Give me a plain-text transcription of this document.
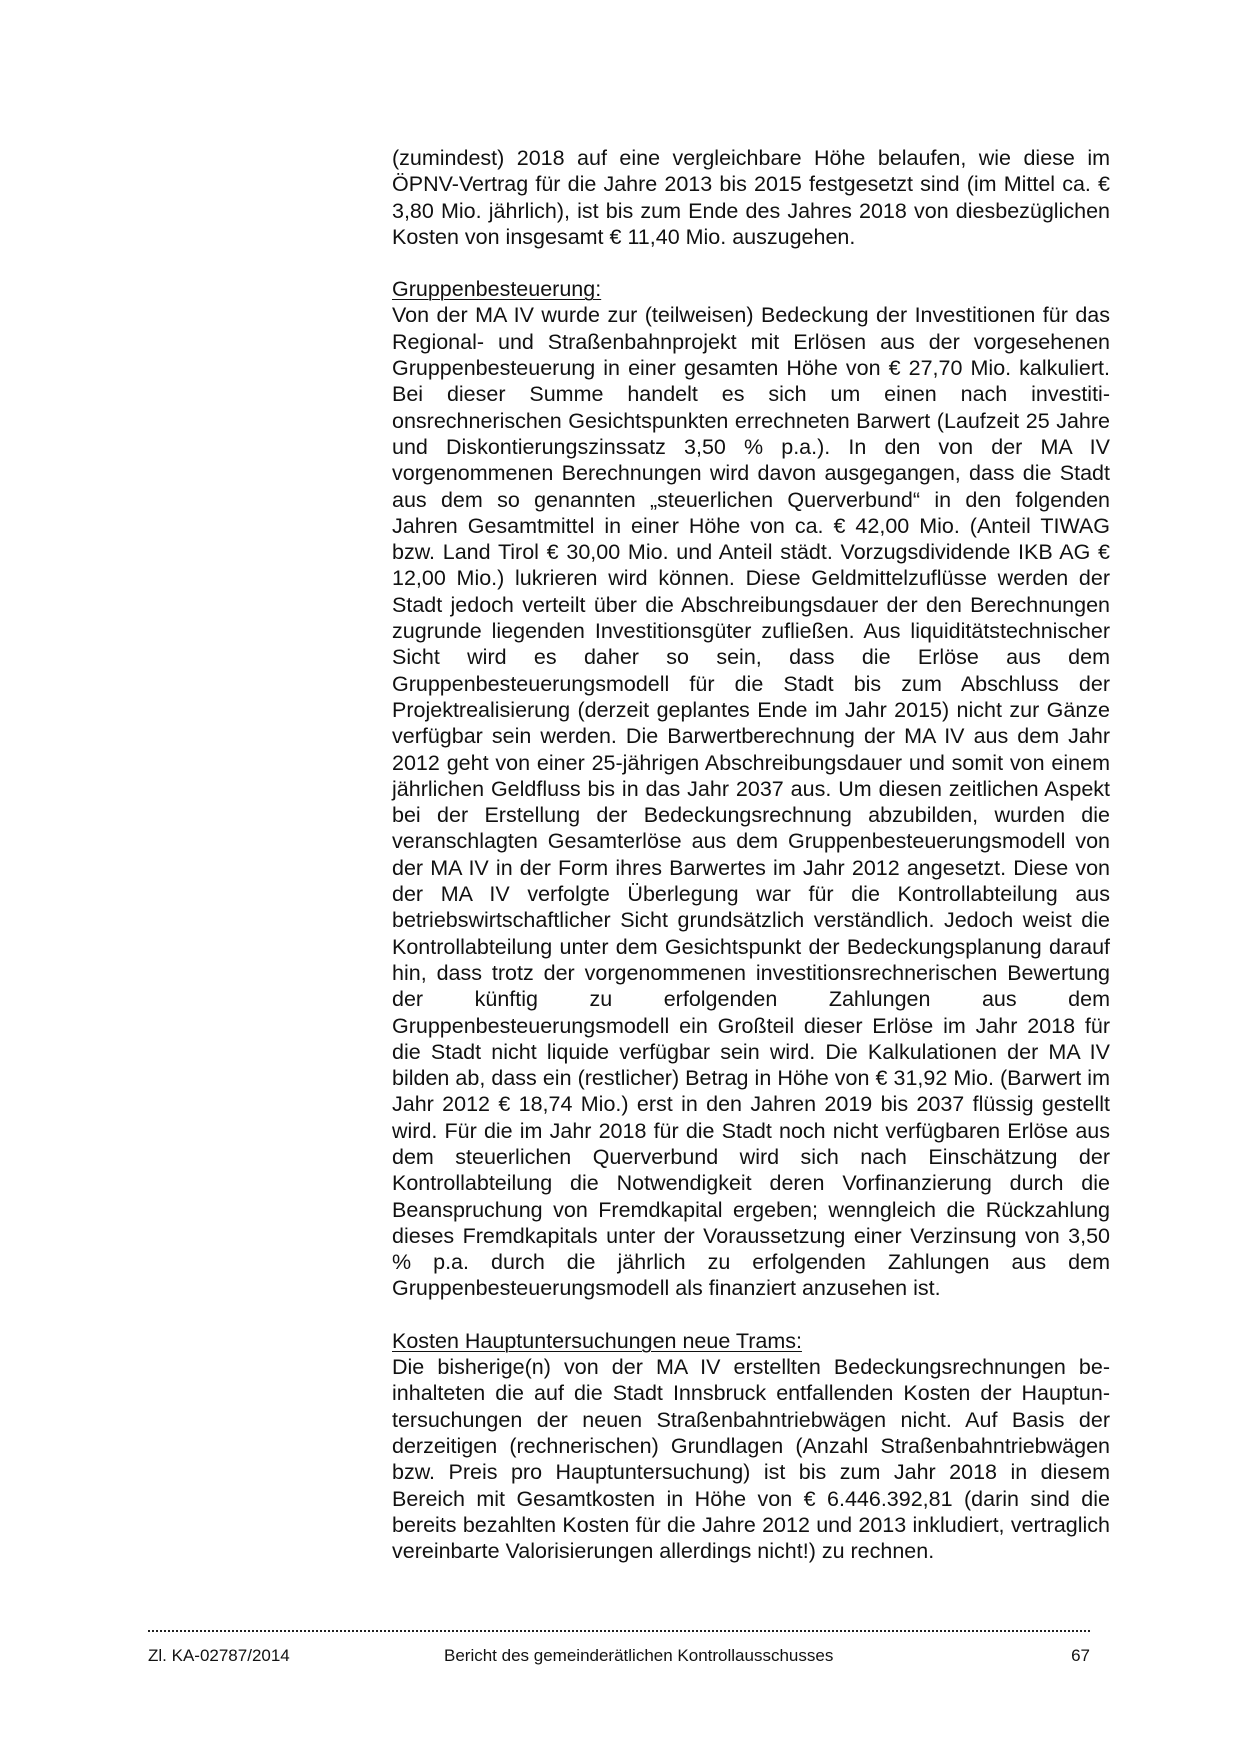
(zumindest) 2018 auf eine vergleichbare Höhe belaufen, wie diese im ÖPNV-Vertrag für die Jahre 2013 bis 2015 festgesetzt sind (im Mittel ca. € 3,80 Mio. jährlich), ist bis zum Ende des Jahres 2018 von diesbezüglichen Kosten von insgesamt € 11,40 Mio. auszugehen.

Gruppenbesteuerung:

Von der MA IV wurde zur (teilweisen) Bedeckung der Investitionen für das Regional- und Straßenbahnprojekt mit Erlösen aus der vorgesehenen Gruppenbesteuerung in einer gesamten Höhe von € 27,70 Mio. kalkuliert. Bei dieser Summe handelt es sich um einen nach investitionsrechnerischen Gesichtspunkten errechneten Barwert (Laufzeit 25 Jahre und Diskontierungszinssatz 3,50 % p.a.). In den von der MA IV vorgenommenen Berechnungen wird davon ausgegangen, dass die Stadt aus dem so genannten „steuerlichen Querverbund“ in den folgenden Jahren Gesamtmittel in einer Höhe von ca. € 42,00 Mio. (Anteil TIWAG bzw. Land Tirol € 30,00 Mio. und Anteil städt. Vorzugsdividende IKB AG € 12,00 Mio.) lukrieren wird können. Diese Geldmittelzuflüsse werden der Stadt jedoch verteilt über die Abschreibungsdauer der den Berechnungen zugrunde liegenden Investitionsgüter zufließen. Aus liquiditätstechnischer Sicht wird es daher so sein, dass die Erlöse aus dem Gruppenbesteuerungsmodell für die Stadt bis zum Abschluss der Projektrealisierung (derzeit geplantes Ende im Jahr 2015) nicht zur Gänze verfügbar sein werden. Die Barwertberechnung der MA IV aus dem Jahr 2012 geht von einer 25-jährigen Abschreibungsdauer und somit von einem jährlichen Geldfluss bis in das Jahr 2037 aus. Um diesen zeitlichen Aspekt bei der Erstellung der Bedeckungsrechnung abzubilden, wurden die veranschlagten Gesamterlöse aus dem Gruppenbesteuerungsmodell von der MA IV in der Form ihres Barwertes im Jahr 2012 angesetzt. Diese von der MA IV verfolgte Überlegung war für die Kontrollabteilung aus betriebswirtschaftlicher Sicht grundsätzlich verständlich. Jedoch weist die Kontrollabteilung unter dem Gesichtspunkt der Bedeckungsplanung darauf hin, dass trotz der vorgenommenen investitionsrechnerischen Bewertung der künftig zu erfolgenden Zahlungen aus dem Gruppenbesteuerungsmodell ein Großteil dieser Erlöse im Jahr 2018 für die Stadt nicht liquide verfügbar sein wird. Die Kalkulationen der MA IV bilden ab, dass ein (restlicher) Betrag in Höhe von € 31,92 Mio. (Barwert im Jahr 2012 € 18,74 Mio.) erst in den Jahren 2019 bis 2037 flüssig gestellt wird. Für die im Jahr 2018 für die Stadt noch nicht verfügbaren Erlöse aus dem steuerlichen Querverbund wird sich nach Einschätzung der Kontrollabteilung die Notwendigkeit deren Vorfinanzierung durch die Beanspruchung von Fremdkapital ergeben; wenngleich die Rückzahlung dieses Fremdkapitals unter der Voraussetzung einer Verzinsung von 3,50 % p.a. durch die jährlich zu erfolgenden Zahlungen aus dem Gruppenbesteuerungsmodell als finanziert anzusehen ist.

Kosten Hauptuntersuchungen neue Trams:

Die bisherige(n) von der MA IV erstellten Bedeckungsrechnungen beinhalteten die auf die Stadt Innsbruck entfallenden Kosten der Hauptuntersuchungen der neuen Straßenbahntriebwägen nicht. Auf Basis der derzeitigen (rechnerischen) Grundlagen (Anzahl Straßenbahntriebwägen bzw. Preis pro Hauptuntersuchung) ist bis zum Jahr 2018 in diesem Bereich mit Gesamtkosten in Höhe von € 6.446.392,81 (darin sind die bereits bezahlten Kosten für die Jahre 2012 und 2013 inkludiert, vertraglich vereinbarte Valorisierungen allerdings nicht!) zu rechnen.

Zl. KA-02787/2014	Bericht des gemeinderätlichen Kontrollausschusses	67
